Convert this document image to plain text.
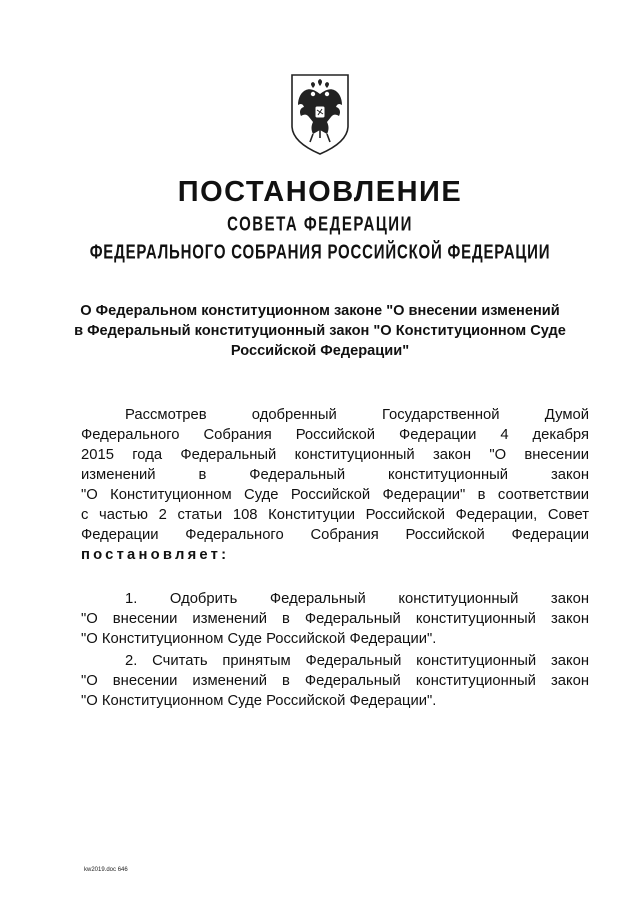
ПОСТАНОВЛЕНИЕ
СОВЕТА ФЕДЕРАЦИИ
ФЕДЕРАЛЬНОГО СОБРАНИЯ РОССИЙСКОЙ ФЕДЕРАЦИИ
О Федеральном конституционном законе "О внесении изменений
в Федеральный конституционный закон "О Конституционном Суде
Российской Федерации"
Рассмотрев одобренный Государственной Думой
Федерального Собрания Российской Федерации 4 декабря
2015 года Федеральный конституционный закон "О внесении
изменений в Федеральный конституционный закон
"О Конституционном Суде Российской Федерации" в соответствии
с частью 2 статьи 108 Конституции Российской Федерации, Совет
Федерации Федерального Собрания Российской Федерации
постановляет:
1. Одобрить Федеральный конституционный закон
"О внесении изменений в Федеральный конституционный закон
"О Конституционном Суде Российской Федерации".
2. Считать принятым Федеральный конституционный закон
"О внесении изменений в Федеральный конституционный закон
"О Конституционном Суде Российской Федерации".
kw2019.doc 646
